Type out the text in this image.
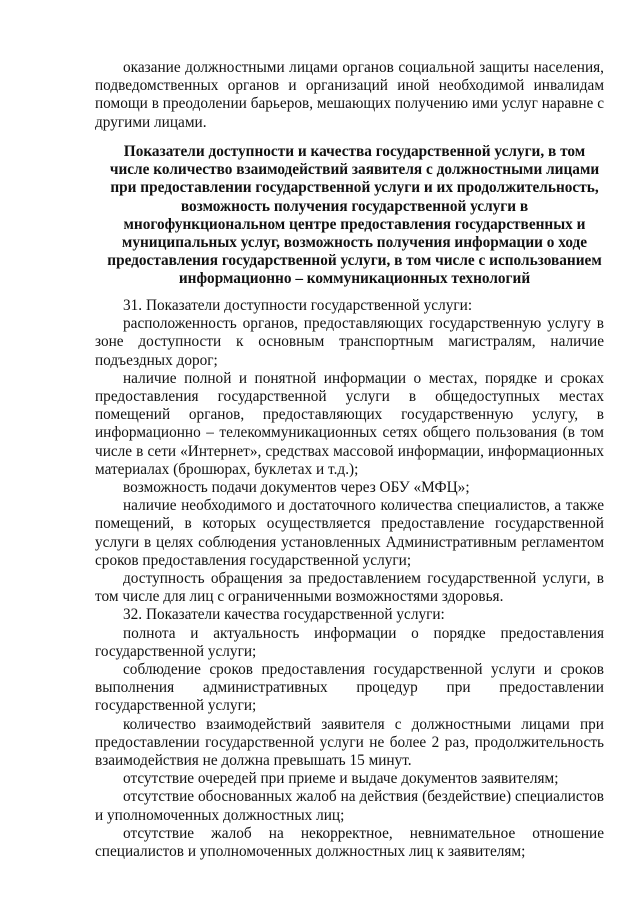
оказание должностными лицами органов социальной защиты населения, подведомственных органов и организаций иной необходимой инвалидам помощи в преодолении барьеров, мешающих получению ими услуг наравне с другими лицами.

Показатели доступности и качества государственной услуги, в том числе количество взаимодействий заявителя с должностными лицами при предоставлении государственной услуги и их продолжительность, возможность получения государственной услуги в многофункциональном центре предоставления государственных и муниципальных услуг, возможность получения информации о ходе предоставления государственной услуги, в том числе с использованием информационно – коммуникационных технологий

31. Показатели доступности государственной услуги:

расположенность органов, предоставляющих государственную услугу в зоне доступности к основным транспортным магистралям, наличие подъездных дорог;

наличие полной и понятной информации о местах, порядке и сроках предоставления государственной услуги в общедоступных местах помещений органов, предоставляющих государственную услугу, в информационно – телекоммуникационных сетях общего пользования (в том числе в сети «Интернет», средствах массовой информации, информационных материалах (брошюрах, буклетах и т.д.);

возможность подачи документов через ОБУ «МФЦ»;

наличие необходимого и достаточного количества специалистов, а также помещений, в которых осуществляется предоставление государственной услуги в целях соблюдения установленных Административным регламентом сроков предоставления государственной услуги;

доступность обращения за предоставлением государственной услуги, в том числе для лиц с ограниченными возможностями здоровья.

32. Показатели качества государственной услуги:

полнота и актуальность информации о порядке предоставления государственной услуги;

соблюдение сроков предоставления государственной услуги и сроков выполнения административных процедур при предоставлении государственной услуги;

количество взаимодействий заявителя с должностными лицами при предоставлении государственной услуги не более 2 раз, продолжительность взаимодействия не должна превышать 15 минут.

отсутствие очередей при приеме и выдаче документов заявителям;

отсутствие обоснованных жалоб на действия (бездействие) специалистов и уполномоченных должностных лиц;

отсутствие жалоб на некорректное, невнимательное отношение специалистов и уполномоченных должностных лиц к заявителям;
